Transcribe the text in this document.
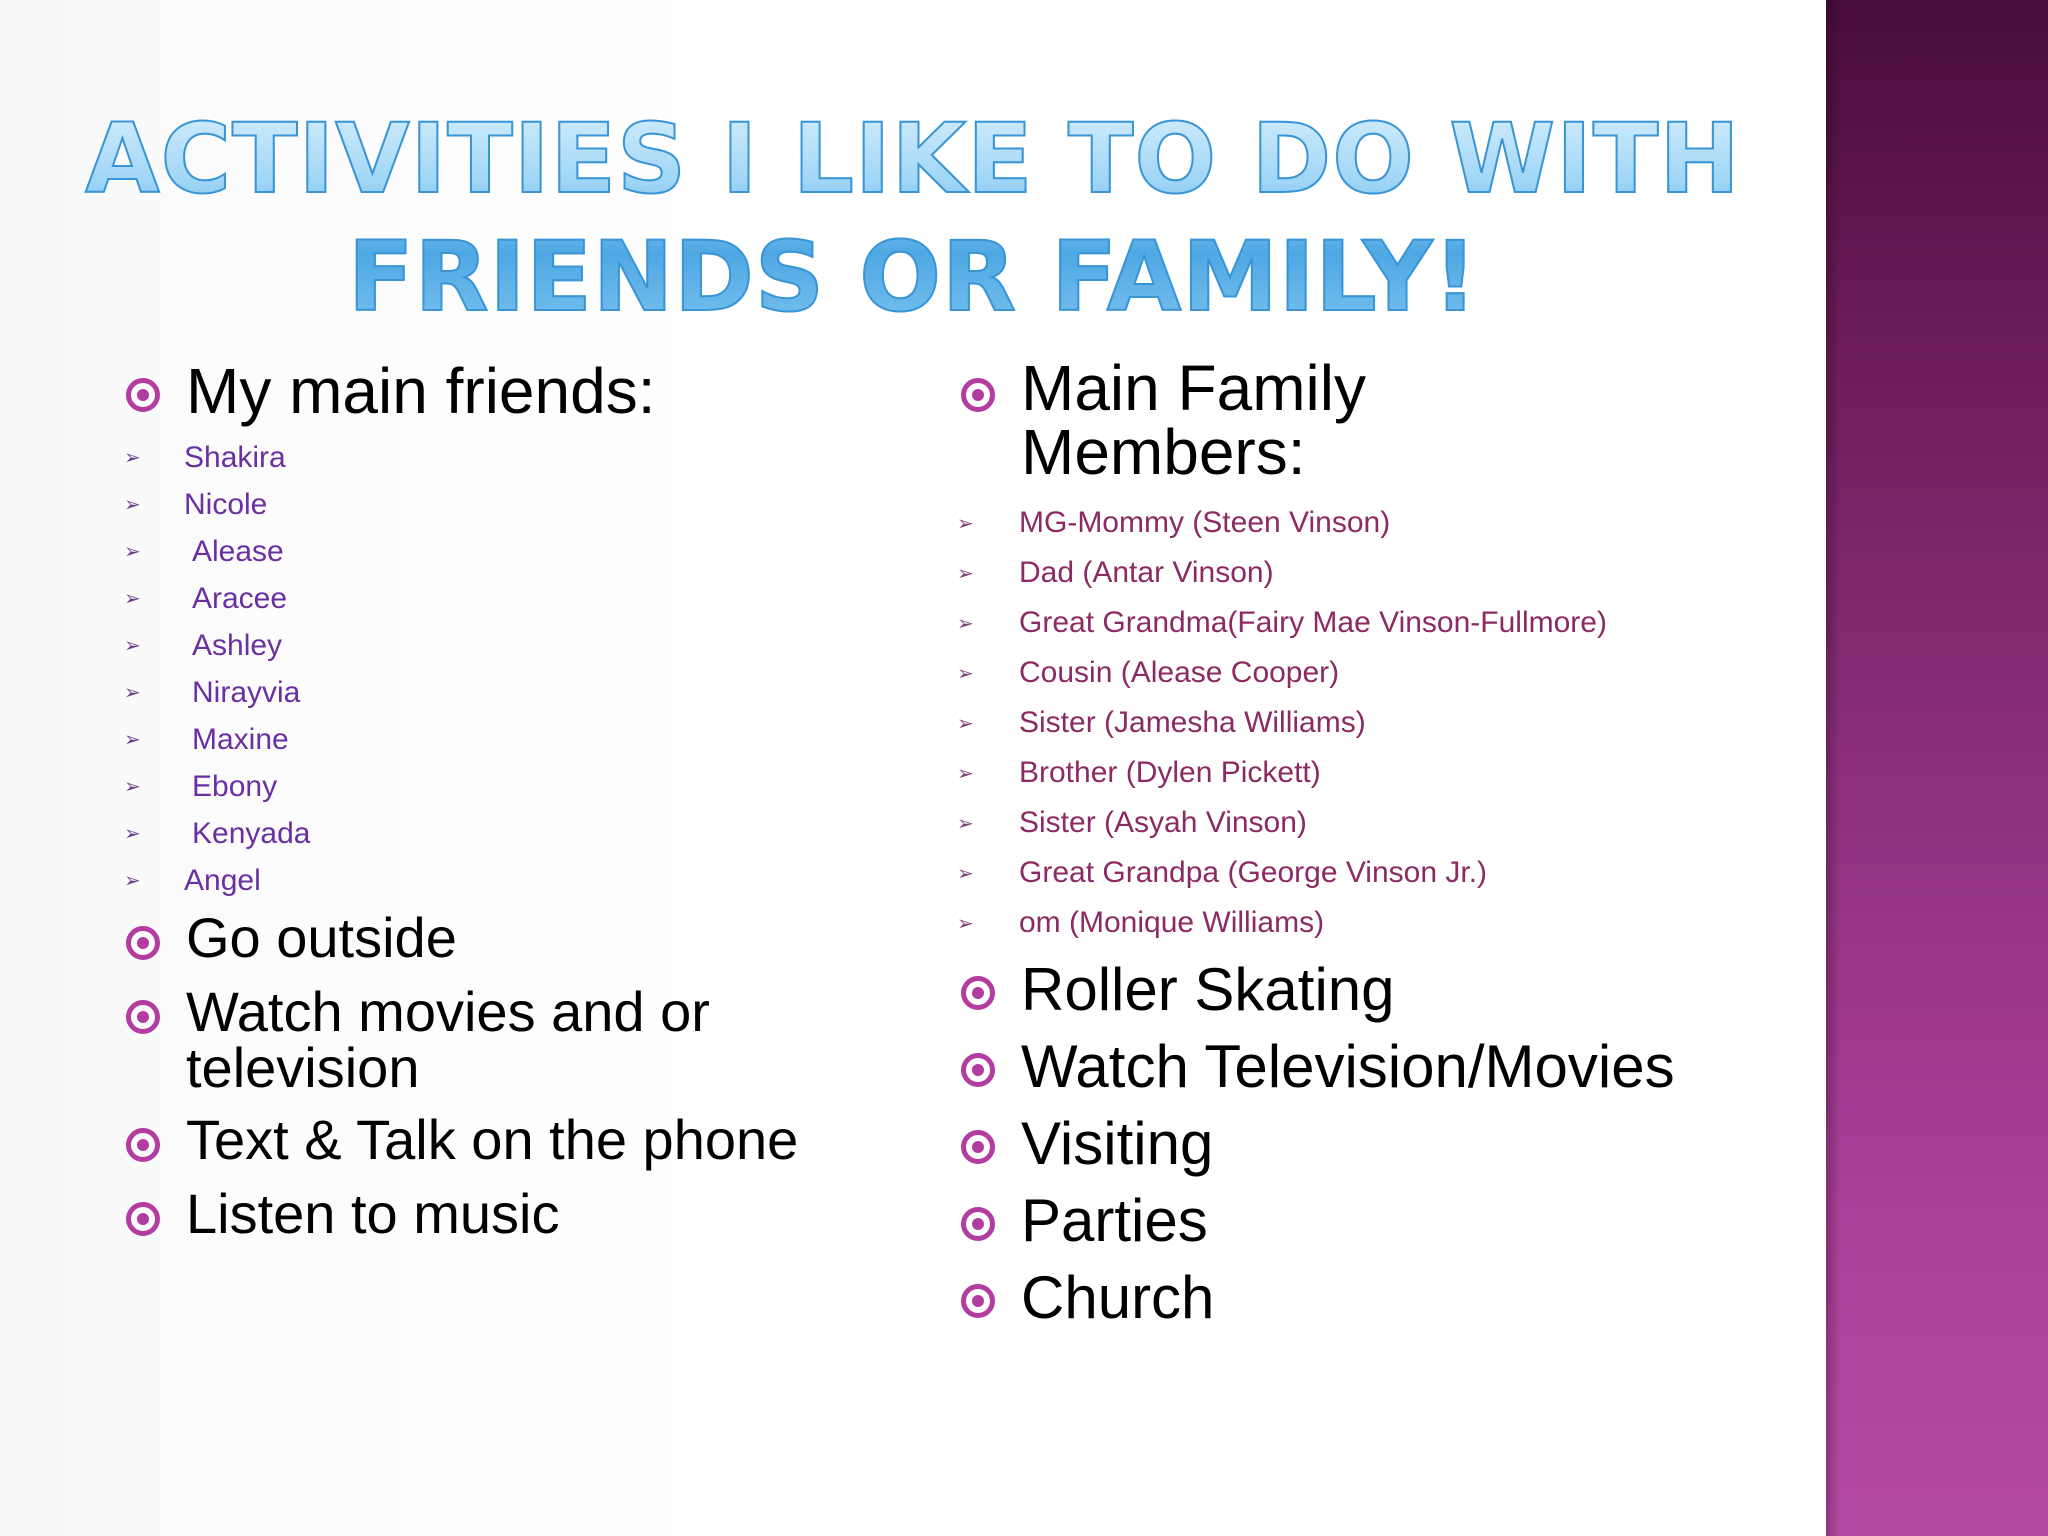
ACTIVITIES I LIKE TO DO WITH
FRIENDS OR FAMILY!
My main friends:
➢	Shakira
➢	Nicole
➢	Alease
➢	Aracee
➢	Ashley
➢	Nirayvia
➢	Maxine
➢	Ebony
➢	Kenyada
➢	Angel
Go outside
Watch movies and or television
Text & Talk on the phone
Listen to music
Main Family Members:
➢	MG-Mommy (Steen Vinson)
➢	Dad (Antar Vinson)
➢	Great Grandma(Fairy Mae Vinson-Fullmore)
➢	Cousin (Alease Cooper)
➢	Sister (Jamesha Williams)
➢	Brother (Dylen Pickett)
➢	Sister (Asyah Vinson)
➢	Great Grandpa (George Vinson Jr.)
➢	om (Monique Williams)
Roller Skating
Watch Television/Movies
Visiting
Parties
Church
